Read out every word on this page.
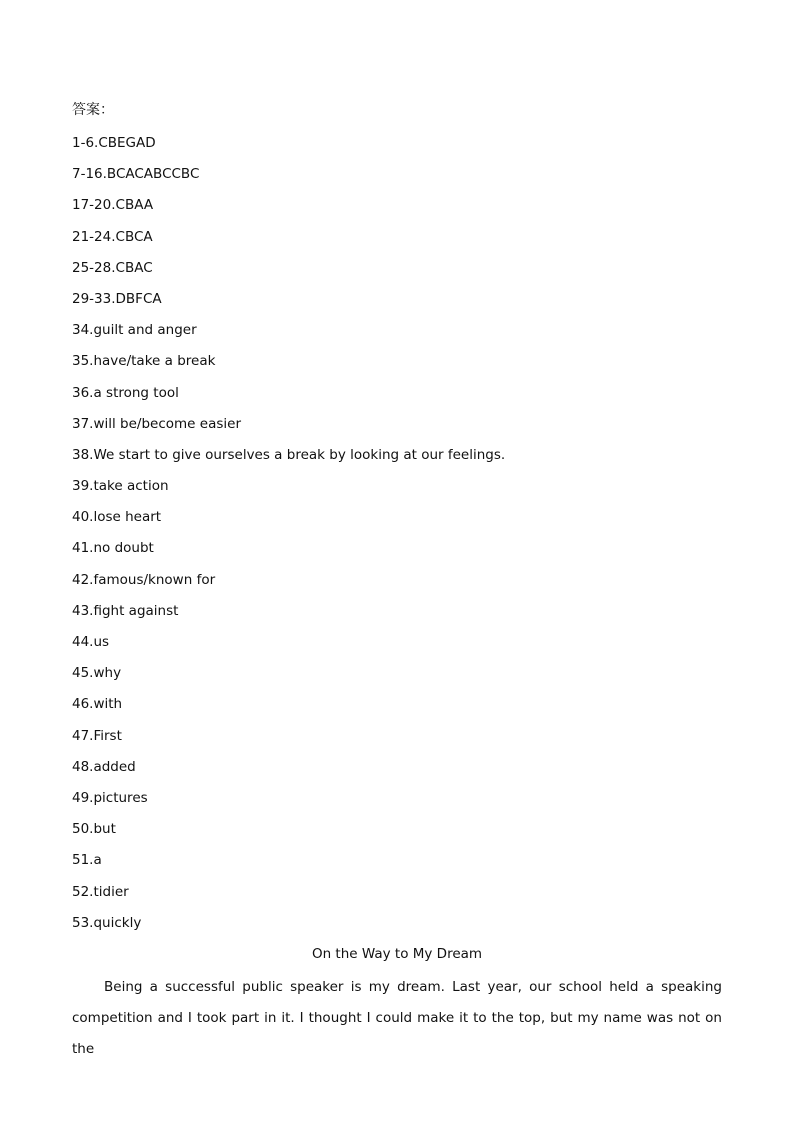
答案：
1-6.CBEGAD
7-16.BCACABCCBC
17-20.CBAA
21-24.CBCA
25-28.CBAC
29-33.DBFCA
34.guilt and anger
35.have/take a break
36.a strong tool
37.will be/become easier
38.We start to give ourselves a break by looking at our feelings.
39.take action
40.lose heart
41.no doubt
42.famous/known for
43.fight against
44.us
45.why
46.with
47.First
48.added
49.pictures
50.but
51.a
52.tidier
53.quickly
On the Way to My Dream

Being a successful public speaker is my dream. Last year, our school held a speaking competition and I took part in it. I thought I could make it to the top, but my name was not on the
